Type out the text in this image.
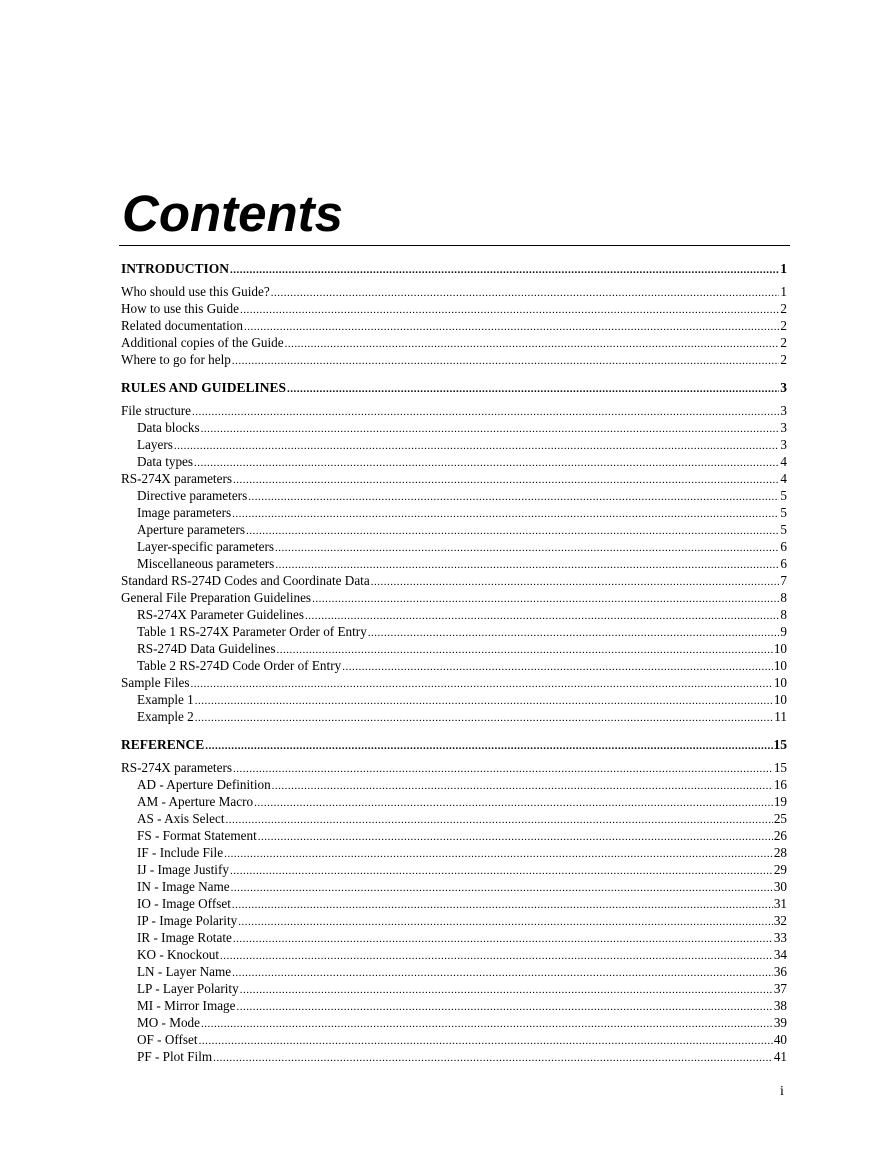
Contents
INTRODUCTION .....	1
Who should use this Guide? .....	1
How to use this Guide .....	2
Related documentation .....	2
Additional copies of the Guide .....	2
Where to go for help .....	2
RULES AND GUIDELINES .....	3
File structure .....	3
Data blocks .....	3
Layers .....	3
Data types .....	4
RS-274X parameters .....	4
Directive parameters .....	5
Image parameters .....	5
Aperture parameters .....	5
Layer-specific parameters .....	6
Miscellaneous parameters .....	6
Standard RS-274D Codes and Coordinate Data .....	7
General File Preparation Guidelines .....	8
RS-274X Parameter Guidelines .....	8
Table 1 RS-274X Parameter Order of Entry .....	9
RS-274D Data Guidelines .....	10
Table 2 RS-274D Code Order of Entry .....	10
Sample Files .....	10
Example 1 .....	10
Example 2 .....	11
REFERENCE .....	15
RS-274X parameters .....	15
AD - Aperture Definition .....	16
AM - Aperture Macro .....	19
AS - Axis Select .....	25
FS - Format Statement .....	26
IF - Include File .....	28
IJ - Image Justify .....	29
IN - Image Name .....	30
IO - Image Offset .....	31
IP - Image Polarity .....	32
IR - Image Rotate .....	33
KO - Knockout .....	34
LN - Layer Name .....	36
LP - Layer Polarity .....	37
MI - Mirror Image .....	38
MO - Mode .....	39
OF - Offset .....	40
PF - Plot Film .....	41
i
